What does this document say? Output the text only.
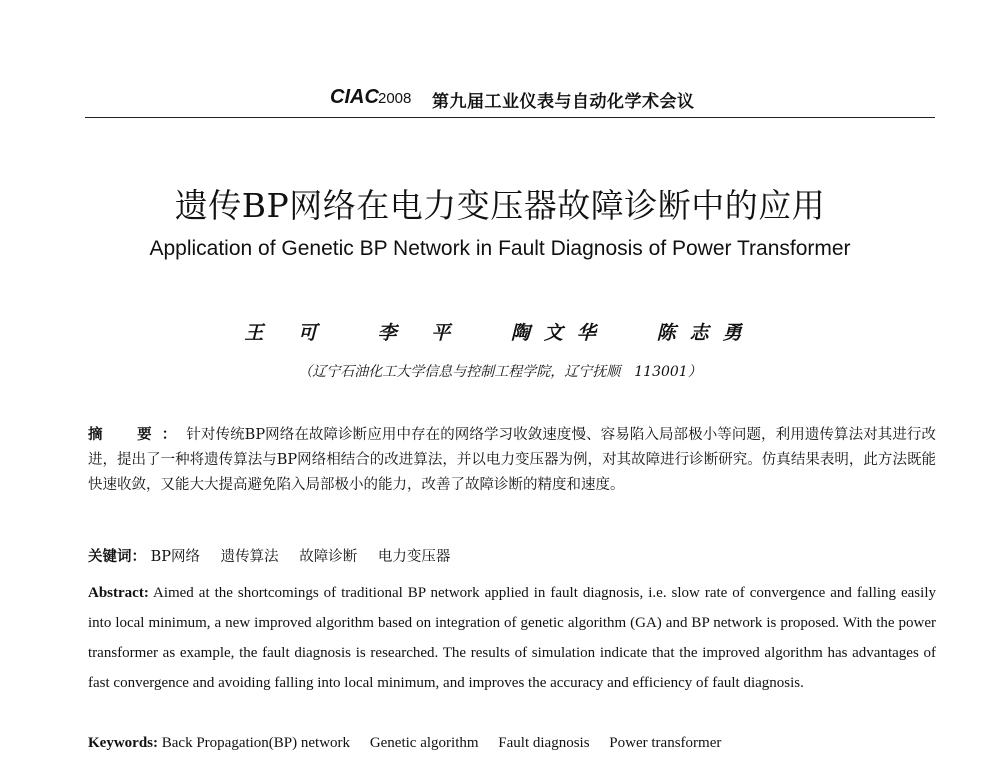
CIAC 2008 第九届工业仪表与自动化学术会议
遗传BP网络在电力变压器故障诊断中的应用
Application of Genetic BP Network in Fault Diagnosis of Power Transformer
王 可 李 平 陶文华 陈志勇
（辽宁石油化工大学信息与控制工程学院，辽宁抚顺　113001）
摘　要：针对传统BP网络在故障诊断应用中存在的网络学习收敛速度慢、容易陷入局部极小等问题，利用遗传算法对其进行改进，提出了一种将遗传算法与BP网络相结合的改进算法，并以电力变压器为例，对其故障进行诊断研究。仿真结果表明，此方法既能快速收敛，又能大大提高避免陷入局部极小的能力，改善了故障诊断的精度和速度。
关键词： BP网络 遗传算法 故障诊断 电力变压器
Abstract: Aimed at the shortcomings of traditional BP network applied in fault diagnosis, i.e. slow rate of convergence and falling easily into local minimum, a new improved algorithm based on integration of genetic algorithm (GA) and BP network is proposed. With the power transformer as example, the fault diagnosis is researched. The results of simulation indicate that the improved algorithm has advantages of fast convergence and avoiding falling into local minimum, and improves the accuracy and efficiency of fault diagnosis.
Keywords: Back Propagation(BP) network Genetic algorithm Fault diagnosis Power transformer
